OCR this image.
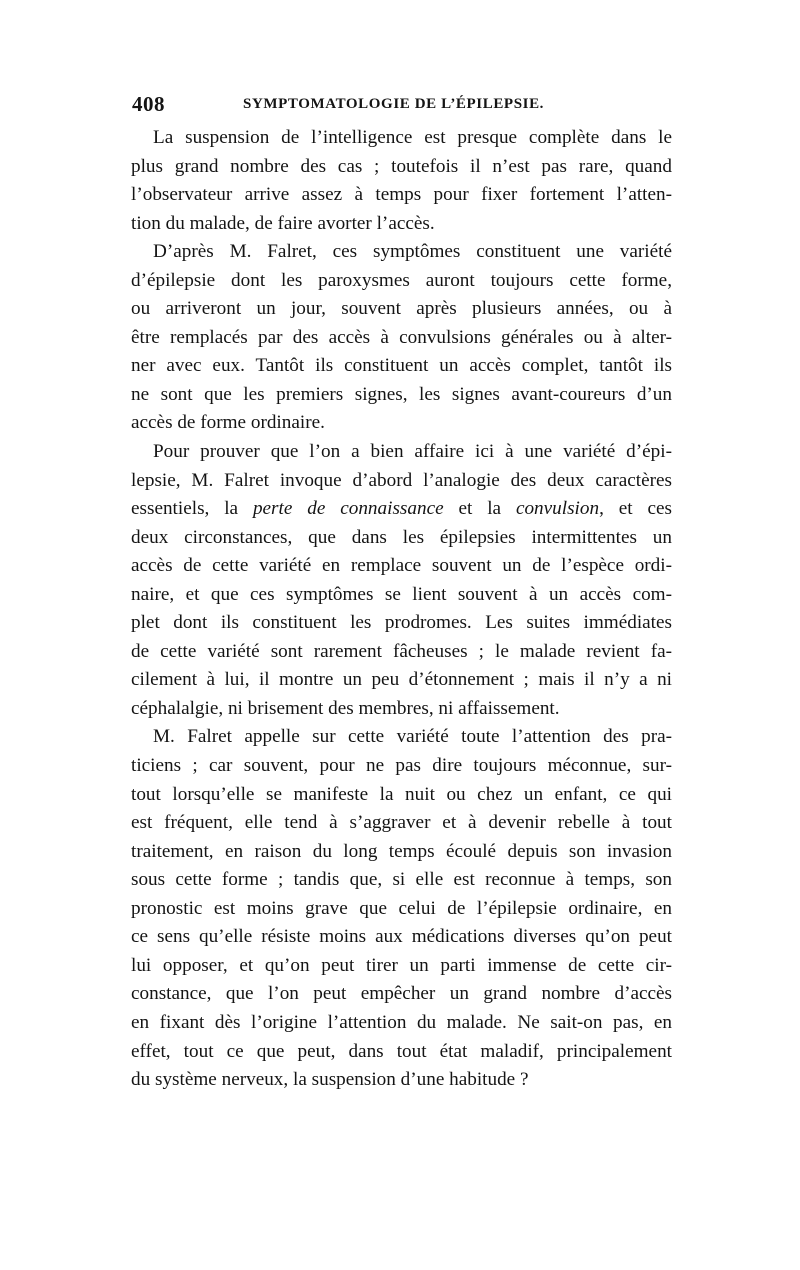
408	SYMPTOMATOLOGIE DE L’ÉPILEPSIE.
La suspension de l’intelligence est presque complète dans le
plus grand nombre des cas ; toutefois il n’est pas rare, quand
l’observateur arrive assez à temps pour fixer fortement l’atten-
tion du malade, de faire avorter l’accès.
D’après M. Falret, ces symptômes constituent une variété
d’épilepsie dont les paroxysmes auront toujours cette forme,
ou arriveront un jour, souvent après plusieurs années, ou à
être remplacés par des accès à convulsions générales ou à alter-
ner avec eux. Tantôt ils constituent un accès complet, tantôt ils
ne sont que les premiers signes, les signes avant-coureurs d’un
accès de forme ordinaire.
Pour prouver que l’on a bien affaire ici à une variété d’épi-
lepsie, M. Falret invoque d’abord l’analogie des deux caractères
essentiels, la perte de connaissance et la convulsion, et ces
deux circonstances, que dans les épilepsies intermittentes un
accès de cette variété en remplace souvent un de l’espèce ordi-
naire, et que ces symptômes se lient souvent à un accès com-
plet dont ils constituent les prodromes. Les suites immédiates
de cette variété sont rarement fâcheuses ; le malade revient fa-
cilement à lui, il montre un peu d’étonnement ; mais il n’y a ni
céphalalgie, ni brisement des membres, ni affaissement.
M. Falret appelle sur cette variété toute l’attention des pra-
ticiens ; car souvent, pour ne pas dire toujours méconnue, sur-
tout lorsqu’elle se manifeste la nuit ou chez un enfant, ce qui
est fréquent, elle tend à s’aggraver et à devenir rebelle à tout
traitement, en raison du long temps écoulé depuis son invasion
sous cette forme ; tandis que, si elle est reconnue à temps, son
pronostic est moins grave que celui de l’épilepsie ordinaire, en
ce sens qu’elle résiste moins aux médications diverses qu’on peut
lui opposer, et qu’on peut tirer un parti immense de cette cir-
constance, que l’on peut empêcher un grand nombre d’accès
en fixant dès l’origine l’attention du malade. Ne sait-on pas, en
effet, tout ce que peut, dans tout état maladif, principalement
du système nerveux, la suspension d’une habitude ?
